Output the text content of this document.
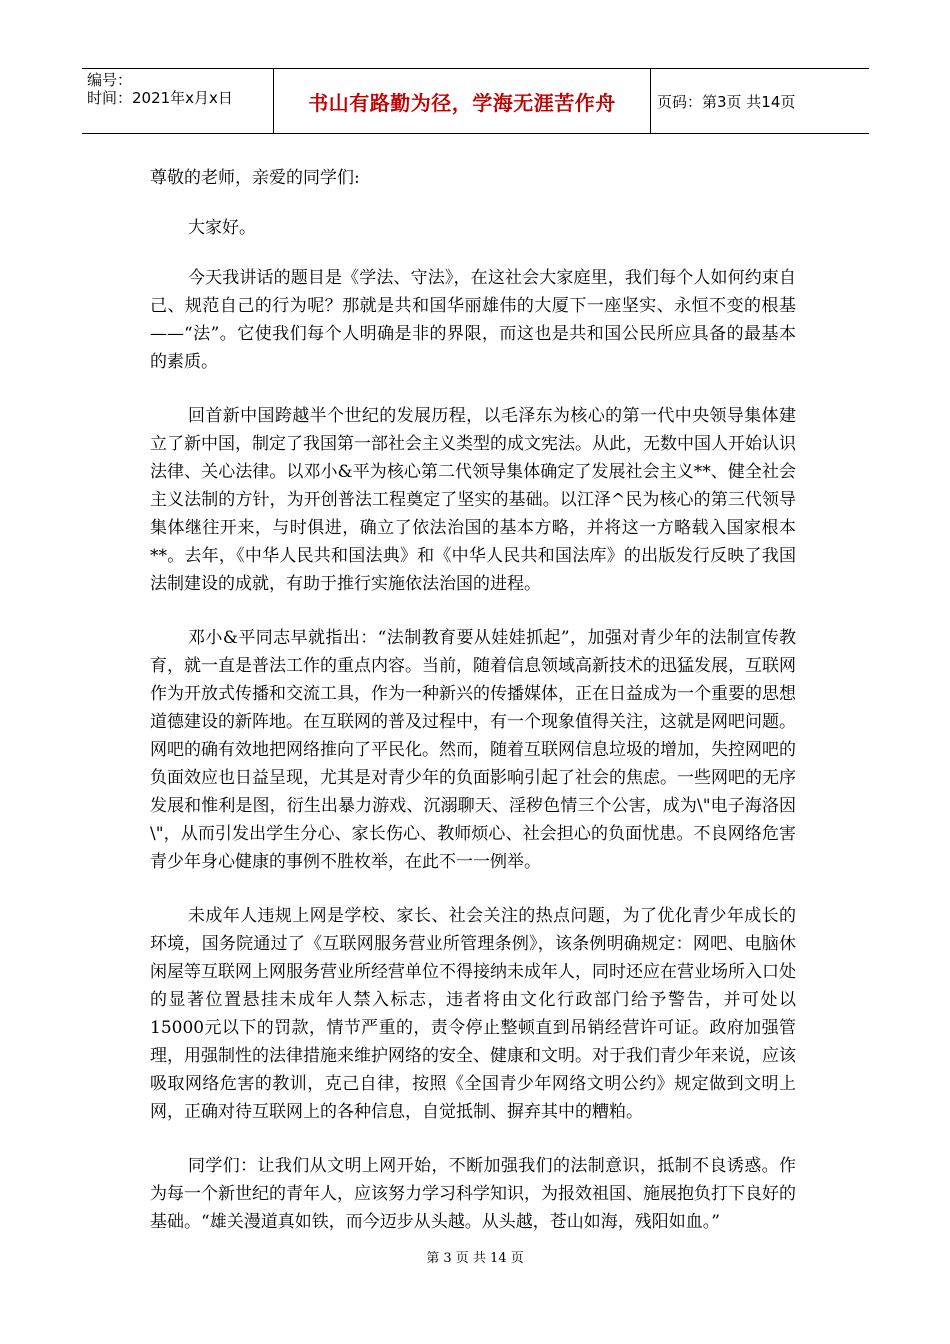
编号：
时间：2021年x月x日	书山有路勤为径，学海无涯苦作舟	页码：第3页 共14页

尊敬的老师，亲爱的同学们:

大家好。

今天我讲话的题目是《学法、守法》，在这社会大家庭里，我们每个人如何约束自己、规范自己的行为呢？那就是共和国华丽雄伟的大厦下一座坚实、永恒不变的根基——“法”。它使我们每个人明确是非的界限，而这也是共和国公民所应具备的最基本的素质。

回首新中国跨越半个世纪的发展历程，以毛泽东为核心的第一代中央领导集体建立了新中国，制定了我国第一部社会主义类型的成文宪法。从此，无数中国人开始认识法律、关心法律。以邓小&平为核心第二代领导集体确定了发展社会主义**、健全社会主义法制的方针，为开创普法工程奠定了坚实的基础。以江泽^民为核心的第三代领导集体继往开来，与时俱进，确立了依法治国的基本方略，并将这一方略载入国家根本**。去年，《中华人民共和国法典》和《中华人民共和国法库》的出版发行反映了我国法制建设的成就，有助于推行实施依法治国的进程。

邓小&平同志早就指出：“法制教育要从娃娃抓起”，加强对青少年的法制宣传教育，就一直是普法工作的重点内容。当前，随着信息领域高新技术的迅猛发展，互联网作为开放式传播和交流工具，作为一种新兴的传播媒体，正在日益成为一个重要的思想道德建设的新阵地。在互联网的普及过程中，有一个现象值得关注，这就是网吧问题。网吧的确有效地把网络推向了平民化。然而，随着互联网信息垃圾的增加，失控网吧的负面效应也日益呈现，尤其是对青少年的负面影响引起了社会的焦虑。一些网吧的无序发展和惟利是图，衍生出暴力游戏、沉溺聊天、淫秽色情三个公害，成为\"电子海洛因\"，从而引发出学生分心、家长伤心、教师烦心、社会担心的负面忧患。不良网络危害青少年身心健康的事例不胜枚举，在此不一一例举。

未成年人违规上网是学校、家长、社会关注的热点问题，为了优化青少年成长的环境，国务院通过了《互联网服务营业所管理条例》，该条例明确规定：网吧、电脑休闲屋等互联网上网服务营业所经营单位不得接纳未成年人，同时还应在营业场所入口处的显著位置悬挂未成年人禁入标志，违者将由文化行政部门给予警告，并可处以15000元以下的罚款，情节严重的，责令停止整顿直到吊销经营许可证。政府加强管理，用强制性的法律措施来维护网络的安全、健康和文明。对于我们青少年来说，应该吸取网络危害的教训，克己自律，按照《全国青少年网络文明公约》规定做到文明上网，正确对待互联网上的各种信息，自觉抵制、摒弃其中的糟粕。

同学们：让我们从文明上网开始，不断加强我们的法制意识，抵制不良诱惑。作为每一个新世纪的青年人，应该努力学习科学知识，为报效祖国、施展抱负打下良好的基础。“雄关漫道真如铁，而今迈步从头越。从头越，苍山如海，残阳如血。”

第 3 页 共 14 页
